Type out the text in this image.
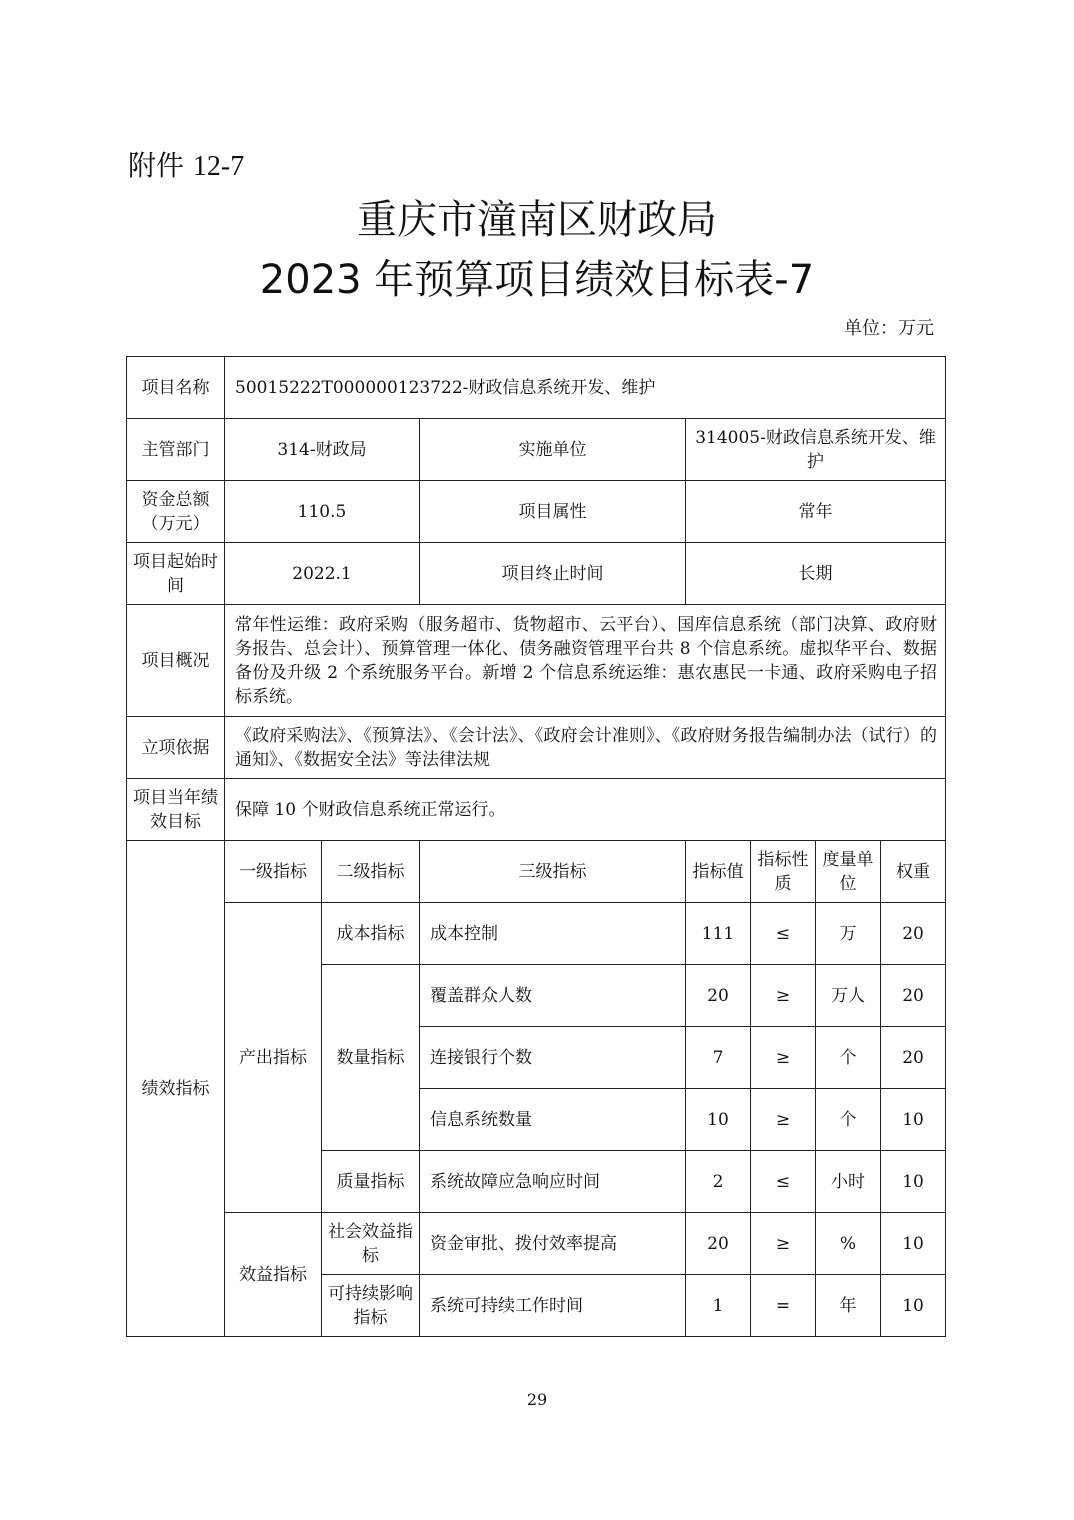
附件 12-7
重庆市潼南区财政局
2023 年预算项目绩效目标表-7
单位：万元
项目名称	50015222T000000123722-财政信息系统开发、维护						
主管部门	314-财政局		实施单位	314005-财政信息系统开发、维护			
资金总额（万元）	110.5		项目属性	常年			
项目起始时间	2022.1		项目终止时间	长期			
项目概况	常年性运维：政府采购（服务超市、货物超市、云平台）、国库信息系统（部门决算、政府财务报告、总会计）、预算管理一体化、债务融资管理平台共 8 个信息系统。虚拟华平台、数据备份及升级 2 个系统服务平台。新增 2 个信息系统运维：惠农惠民一卡通、政府采购电子招标系统。						
立项依据	《政府采购法》、《预算法》、《会计法》、《政府会计准则》、《政府财务报告编制办法（试行）的通知》、《数据安全法》等法律法规						
项目当年绩效目标	保障 10 个财政信息系统正常运行。						
绩效指标	一级指标	二级指标	三级指标	指标值	指标性质	度量单位	权重
	产出指标	成本指标	成本控制	111	≤	万	20
		数量指标	覆盖群众人数	20	≥	万人	20
			连接银行个数	7	≥	个	20
			信息系统数量	10	≥	个	10
		质量指标	系统故障应急响应时间	2	≤	小时	10
	效益指标	社会效益指标	资金审批、拨付效率提高	20	≥	%	10
		可持续影响指标	系统可持续工作时间	1	=	年	10
29
